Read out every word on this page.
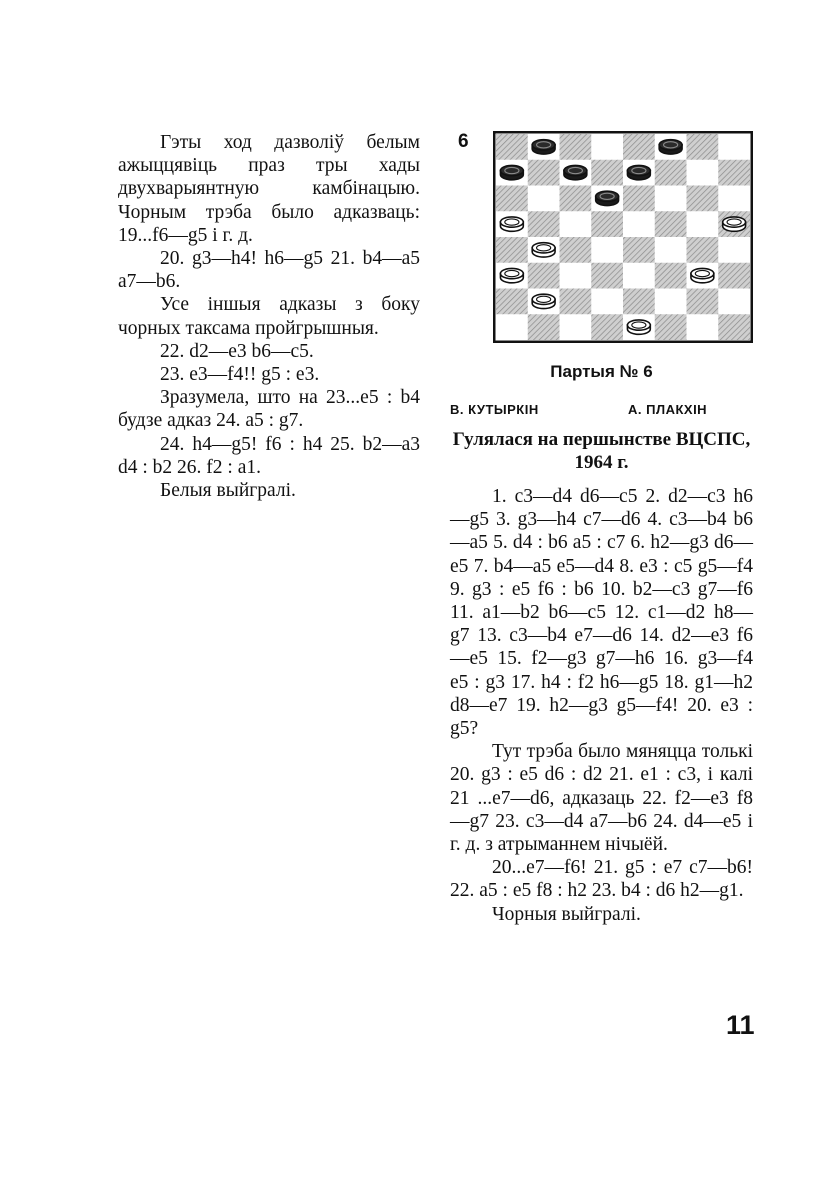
Гэты ход дазволіў белым ажыццявіць праз тры хады двухварыянтную камбінацыю. Чорным трэба было адказваць: 19...f6—g5 і г. д.

20. g3—h4! h6—g5 21. b4—a5 a7—b6.

Усе іншыя адказы з боку чорных таксама пройгрышныя.

22. d2—e3 b6—c5.

23. e3—f4!! g5 : e3.

Зразумела, што на 23...e5 : b4 будзе адказ 24. a5 : g7.

24. h4—g5! f6 : h4 25. b2—a3 d4 : b2 26. f2 : a1.

Белыя выйгралі.

6
Партыя № 6
В. КУТЫРКІН	А. ПЛАКХІН
Гулялася на першынстве ВЦСПС, 1964 г.

1. c3—d4 d6—c5 2. d2—c3 h6—g5 3. g3—h4 c7—d6 4. c3—b4 b6—a5 5. d4 : b6 a5 : c7 6. h2—g3 d6—e5 7. b4—a5 e5—d4 8. e3 : c5 g5—f4 9. g3 : e5 f6 : b6 10. b2—c3 g7—f6 11. a1—b2 b6—c5 12. c1—d2 h8—g7 13. c3—b4 e7—d6 14. d2—e3 f6—e5 15. f2—g3 g7—h6 16. g3—f4 e5 : g3 17. h4 : f2 h6—g5 18. g1—h2 d8—e7 19. h2—g3 g5—f4! 20. e3 : g5?

Тут трэба было мяняцца толькі 20. g3 : e5 d6 : d2 21. e1 : c3, і калі 21 ...e7—d6, адказаць 22. f2—e3 f8—g7 23. c3—d4 a7—b6 24. d4—e5 і г. д. з атрыманнем нічыёй.

20...e7—f6! 21. g5 : e7 c7—b6! 22. a5 : e5 f8 : h2 23. b4 : d6 h2—g1.

Чорныя выйгралі.

11
